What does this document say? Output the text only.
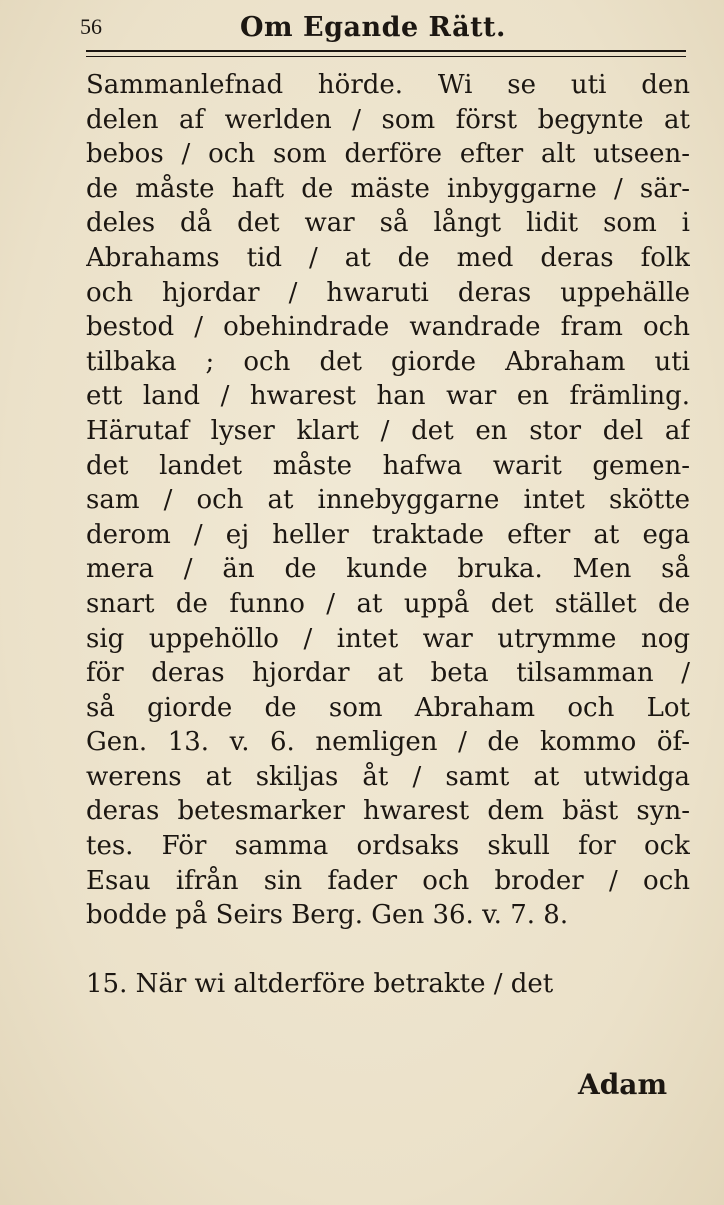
56	Om Egande Rätt.
Sammanlefnad hörde. Wi se uti den
delen af werlden / som först begynte at
bebos / och som derföre efter alt utseen-
de måste haft de mäste inbyggarne / sär-
deles då det war så långt lidit som i
Abrahams tid / at de med deras folk
och hjordar / hwaruti deras uppehälle
bestod / obehindrade wandrade fram och
tilbaka ; och det giorde Abraham uti
ett land / hwarest han war en främling.
Härutaf lyser klart / det en stor del af
det landet måste hafwa warit gemen-
sam / och at innebyggarne intet skötte
derom / ej heller traktade efter at ega
mera / än de kunde bruka. Men så
snart de funno / at uppå det stället de
sig uppehöllo / intet war utrymme nog
för deras hjordar at beta tilsamman /
så giorde de som Abraham och Lot
Gen. 13. v. 6. nemligen / de kommo öf-
werens at skiljas åt / samt at utwidga
deras betesmarker hwarest dem bäst syn-
tes. För samma ordsaks skull for ock
Esau ifrån sin fader och broder / och
bodde på Seirs Berg. Gen 36. v. 7. 8.
15. När wi altderföre betrakte / det
Adam
